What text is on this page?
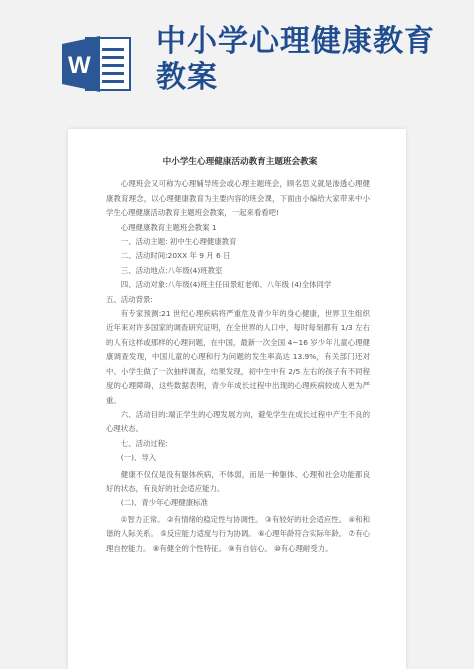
W
中小学心理健康教育教案
中小学生心理健康活动教育主题班会教案

心理班会又可称为心理辅导班会或心理主题班会，顾名思义就是渗透心理健康教育理念，以心理健康教育为主要内容的班会课，下面由小编给大家带来中小学生心理健康活动教育主题班会教案，一起来看看吧!

心理健康教育主题班会教案 1

一、活动主题: 初中生心理健康教育

二、活动时间:20XX 年 9 月 6 日

三、活动地点:八年级(4)班教室

四、活动对象:八年级(4)班主任田景虹老师、八年级 (4)全体同学

五、活动背景:

有专家预测:21 世纪心理疾病将严重危及青少年的身心健康，世界卫生组织近年来对许多国家的调查研究证明，在全世界的人口中，每时每刻都有 1/3 左右的人有这样或那样的心理问题，在中国，最新一次全国 4~16 岁少年儿童心理健康调查发现，中国儿童的心理和行为问题的发生率高达 13.9%，有关部门还对中、小学生做了一次抽样调查，结果发现，初中生中有 2/5 左右的孩子有不同程度的心理障碍，这些数据表明，青少年成长过程中出现的心理疾病较成人更为严重。

六、活动目的:端正学生的心理发展方向，避免学生在成长过程中产生不良的心理状态。

七、活动过程:

(一)、导入

健康不仅仅是没有躯体疾病，不体弱，而是一种躯体、心理和社会功能都良好的状态，有良好的社会适应能力。

(二)、青少年心理健康标准

①智力正常。 ②有情绪的稳定性与协调性。 ③有较好的社会适应性。 ④和和谐的人际关系。 ⑤反应能力适度与行为协调。 ⑥心理年龄符合实际年龄。 ⑦有心理自控能力。 ⑧有健全的个性特征。 ⑨有自信心。 ⑩有心理耐受力。
